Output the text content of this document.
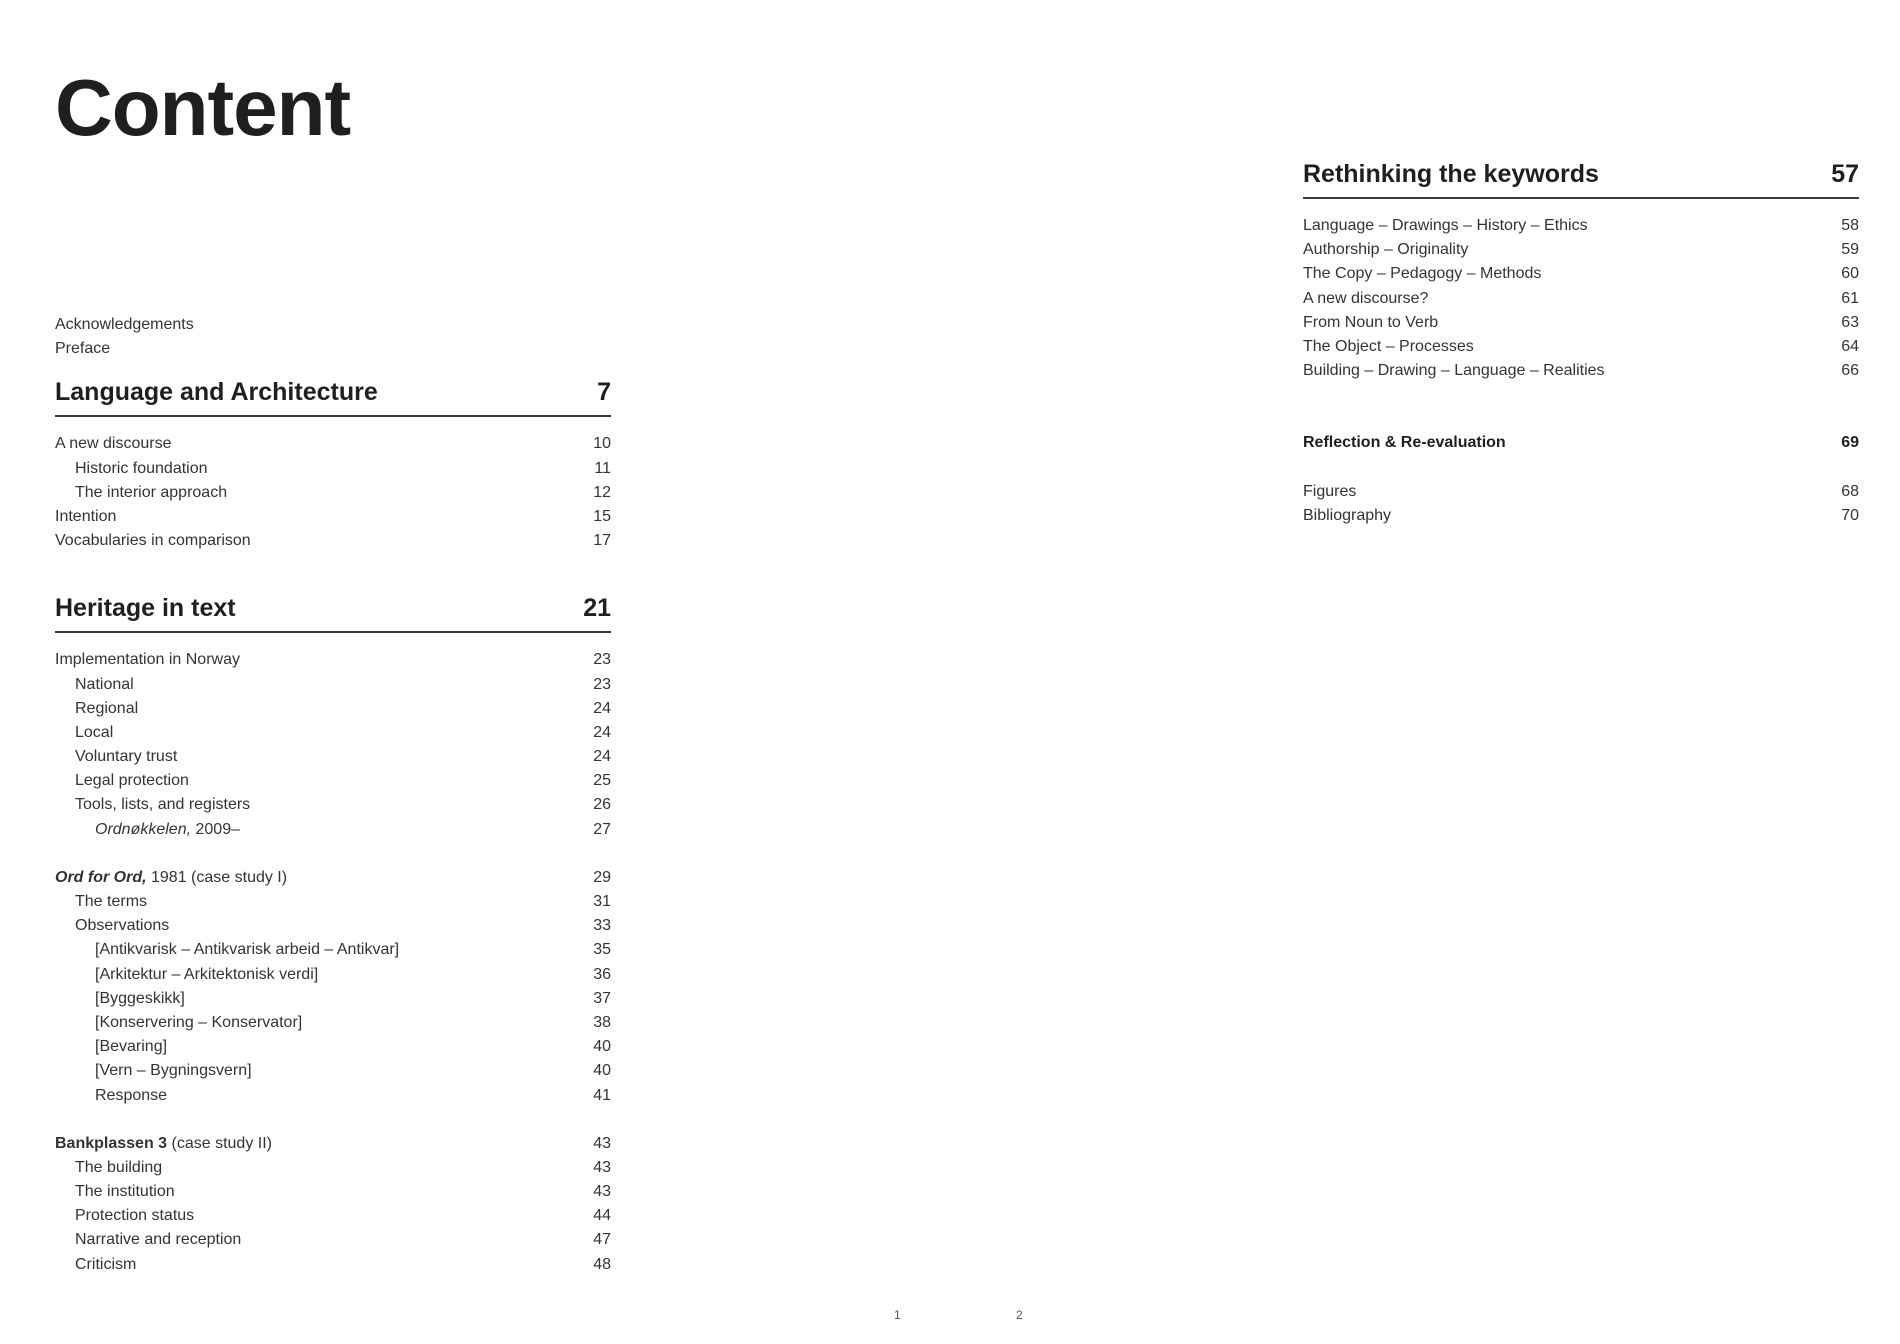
Content
Acknowledgements
Preface
Language and Architecture	7
A new discourse	10
Historic foundation	11
The interior approach	12
Intention	15
Vocabularies in comparison	17
Heritage in text	21
Implementation in Norway	23
National	23
Regional	24
Local	24
Voluntary trust	24
Legal protection	25
Tools, lists, and registers	26
Ordnøkkelen, 2009–	27
Ord for Ord, 1981 (case study I)	29
The terms	31
Observations	33
[Antikvarisk – Antikvarisk arbeid – Antikvar]	35
[Arkitektur – Arkitektonisk verdi]	36
[Byggeskikk]	37
[Konservering – Konservator]	38
[Bevaring]	40
[Vern – Bygningsvern]	40
Response	41
Bankplassen 3 (case study II)	43
The building	43
The institution	43
Protection status	44
Narrative and reception	47
Criticism	48
Rethinking the keywords	57
Language – Drawings – History – Ethics	58
Authorship – Originality	59
The Copy – Pedagogy – Methods	60
A new discourse?	61
From Noun to Verb	63
The Object – Processes	64
Building – Drawing – Language – Realities	66
Reflection & Re-evaluation	69
Figures	68
Bibliography	70
1	2
